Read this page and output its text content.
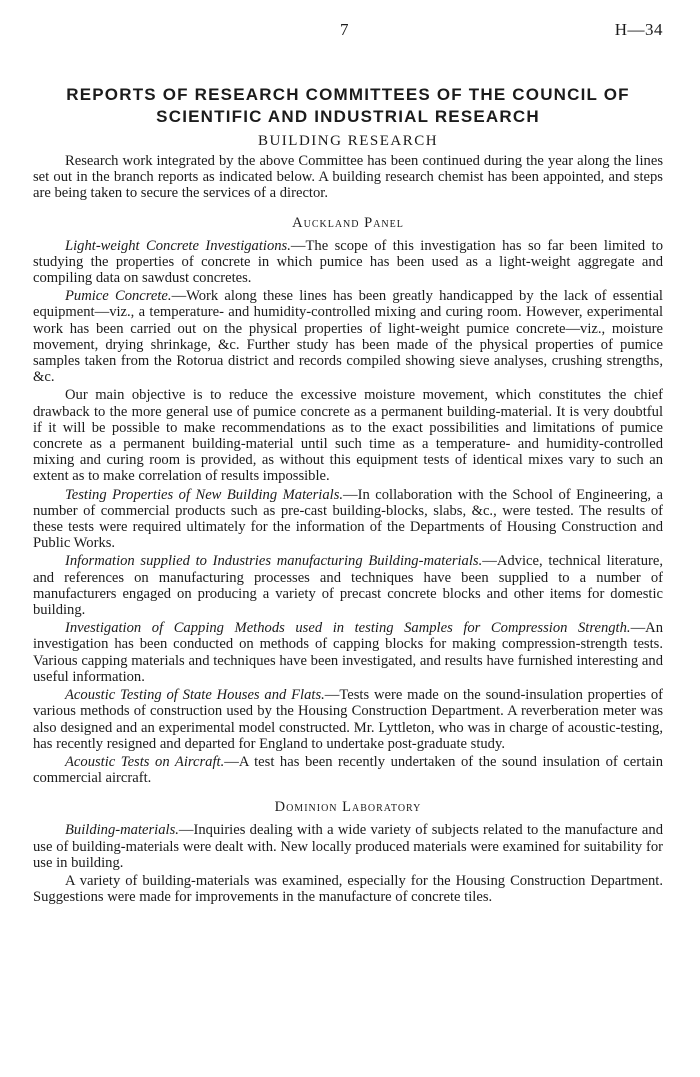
7	H—34
REPORTS OF RESEARCH COMMITTEES OF THE COUNCIL OF
SCIENTIFIC AND INDUSTRIAL RESEARCH
BUILDING RESEARCH

Research work integrated by the above Committee has been continued during the year along the lines set out in the branch reports as indicated below. A building research chemist has been appointed, and steps are being taken to secure the services of a director.

Auckland Panel

Light-weight Concrete Investigations.—The scope of this investigation has so far been limited to studying the properties of concrete in which pumice has been used as a light-weight aggregate and compiling data on sawdust concretes.

Pumice Concrete.—Work along these lines has been greatly handicapped by the lack of essential equipment—viz., a temperature- and humidity-controlled mixing and curing room. However, experimental work has been carried out on the physical properties of light-weight pumice concrete—viz., moisture movement, drying shrinkage, &c. Further study has been made of the physical properties of pumice samples taken from the Rotorua district and records compiled showing sieve analyses, crushing strengths, &c.

Our main objective is to reduce the excessive moisture movement, which constitutes the chief drawback to the more general use of pumice concrete as a permanent building-material. It is very doubtful if it will be possible to make recommendations as to the exact possibilities and limitations of pumice concrete as a permanent building-material until such time as a temperature- and humidity-controlled mixing and curing room is provided, as without this equipment tests of identical mixes vary to such an extent as to make correlation of results impossible.

Testing Properties of New Building Materials.—In collaboration with the School of Engineering, a number of commercial products such as pre-cast building-blocks, slabs, &c., were tested. The results of these tests were required ultimately for the information of the Departments of Housing Construction and Public Works.

Information supplied to Industries manufacturing Building-materials.—Advice, technical literature, and references on manufacturing processes and techniques have been supplied to a number of manufacturers engaged on producing a variety of precast concrete blocks and other items for domestic building.

Investigation of Capping Methods used in testing Samples for Compression Strength.—An investigation has been conducted on methods of capping blocks for making compression-strength tests. Various capping materials and techniques have been investigated, and results have furnished interesting and useful information.

Acoustic Testing of State Houses and Flats.—Tests were made on the sound-insulation properties of various methods of construction used by the Housing Construction Department. A reverberation meter was also designed and an experimental model constructed. Mr. Lyttleton, who was in charge of acoustic-testing, has recently resigned and departed for England to undertake post-graduate study.

Acoustic Tests on Aircraft.—A test has been recently undertaken of the sound insulation of certain commercial aircraft.

Dominion Laboratory

Building-materials.—Inquiries dealing with a wide variety of subjects related to the manufacture and use of building-materials were dealt with. New locally produced materials were examined for suitability for use in building.

A variety of building-materials was examined, especially for the Housing Construction Department. Suggestions were made for improvements in the manufacture of concrete tiles.
